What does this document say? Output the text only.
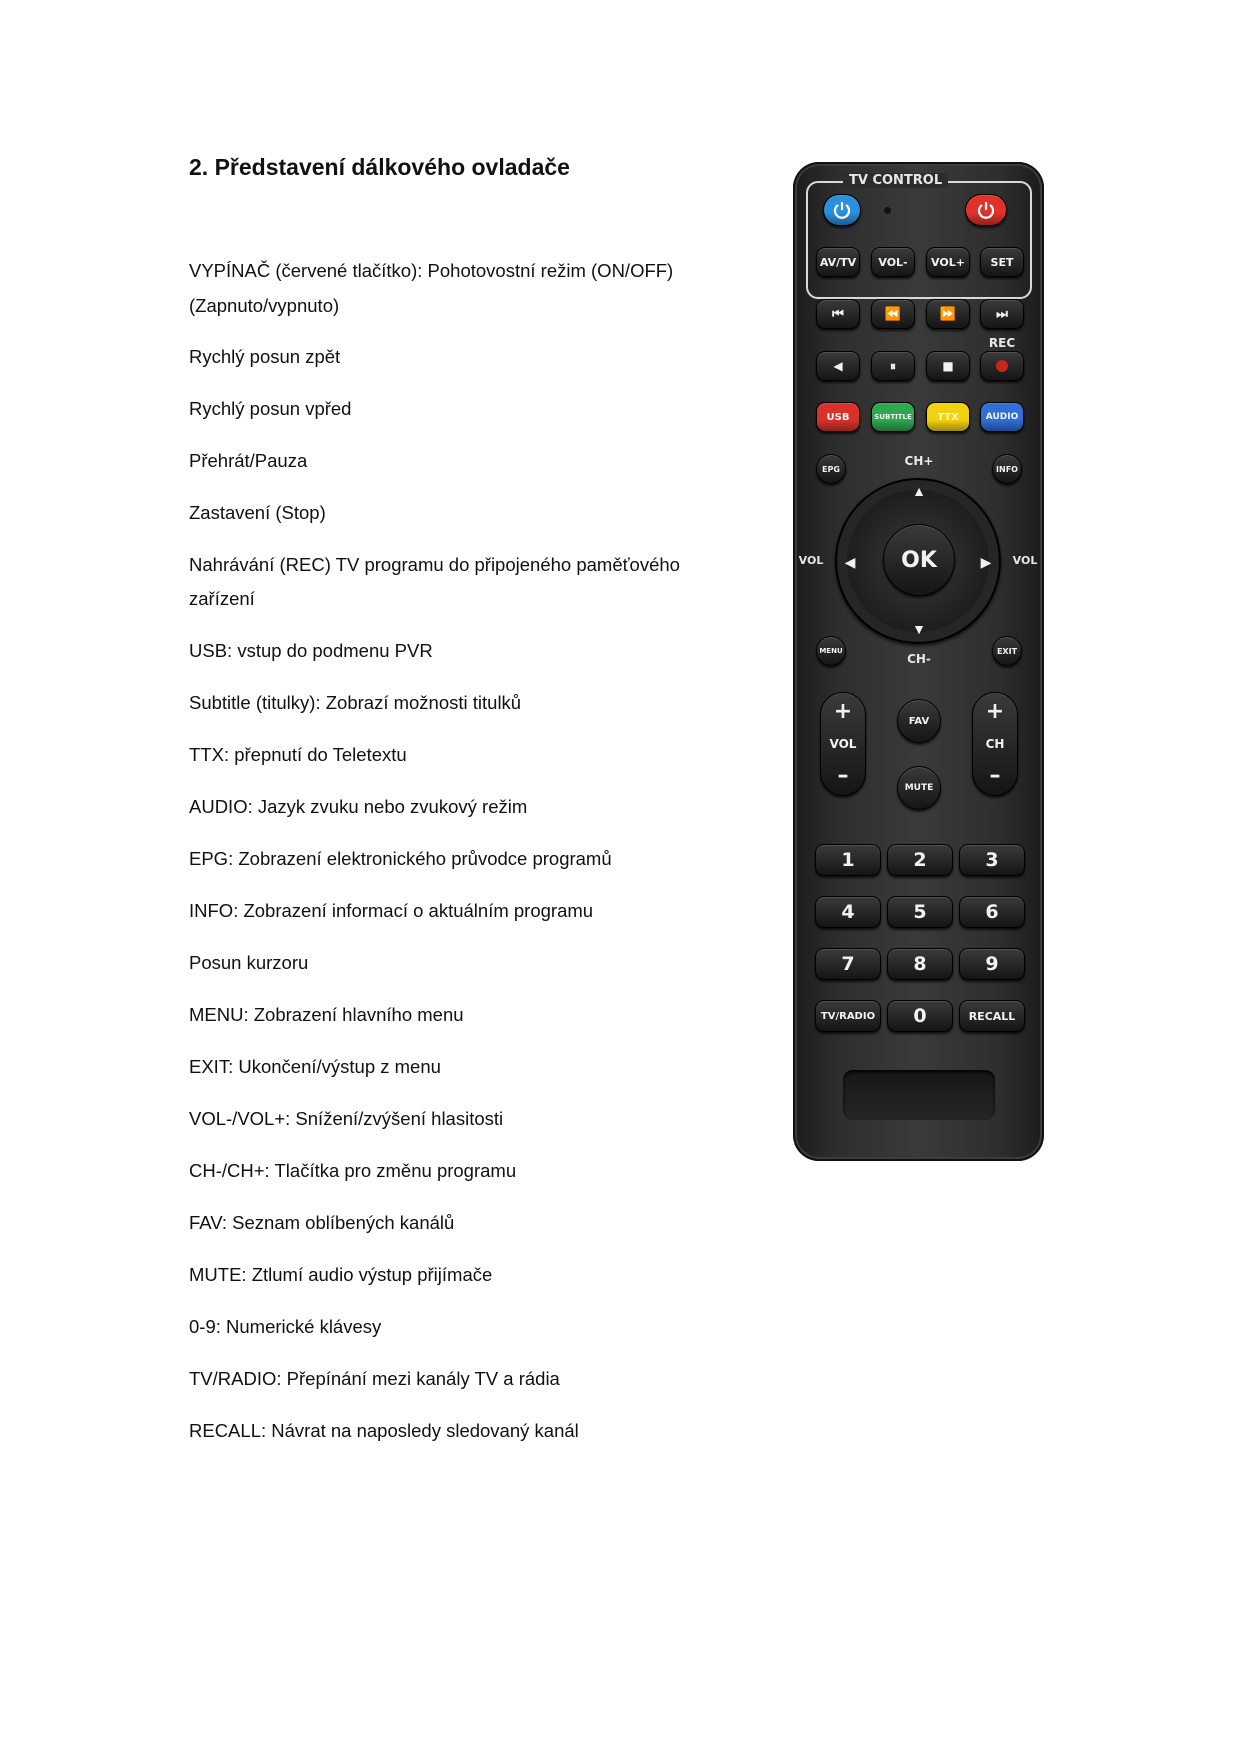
2. Představení dálkového ovladače
VYPÍNAČ (červené tlačítko): Pohotovostní režim (ON/OFF)
(Zapnuto/vypnuto)
Rychlý posun zpět
Rychlý posun vpřed
Přehrát/Pauza
Zastavení (Stop)
Nahrávání (REC) TV programu do připojeného paměťového
zařízení
USB: vstup do podmenu PVR
Subtitle (titulky): Zobrazí možnosti titulků
TTX: přepnutí do Teletextu
AUDIO: Jazyk zvuku nebo zvukový režim
EPG: Zobrazení elektronického průvodce programů
INFO: Zobrazení informací o aktuálním programu
Posun kurzoru
MENU: Zobrazení hlavního menu
EXIT: Ukončení/výstup z menu
VOL-/VOL+: Snížení/zvýšení hlasitosti
CH-/CH+: Tlačítka pro změnu programu
FAV: Seznam oblíbených kanálů
MUTE: Ztlumí audio výstup přijímače
0-9: Numerické klávesy
TV/RADIO: Přepínání mezi kanály TV a rádia
RECALL: Návrat na naposledy sledovaný kanál
TV CONTROL
AV/TV	VOL-	VOL+	SET
⏮	⏪	⏩	⏭
◀	⏸	■
REC
USB	SUBTITLE	TTX	AUDIO
EPG	INFO
CH+
▲
▼
◀	▶
OK
VOL	VOL
MENU	EXIT
CH-
+
VOL
–
+
CH
–
FAV
MUTE
1	2	3
4	5	6
7	8	9
TV/RADIO	0	RECALL
